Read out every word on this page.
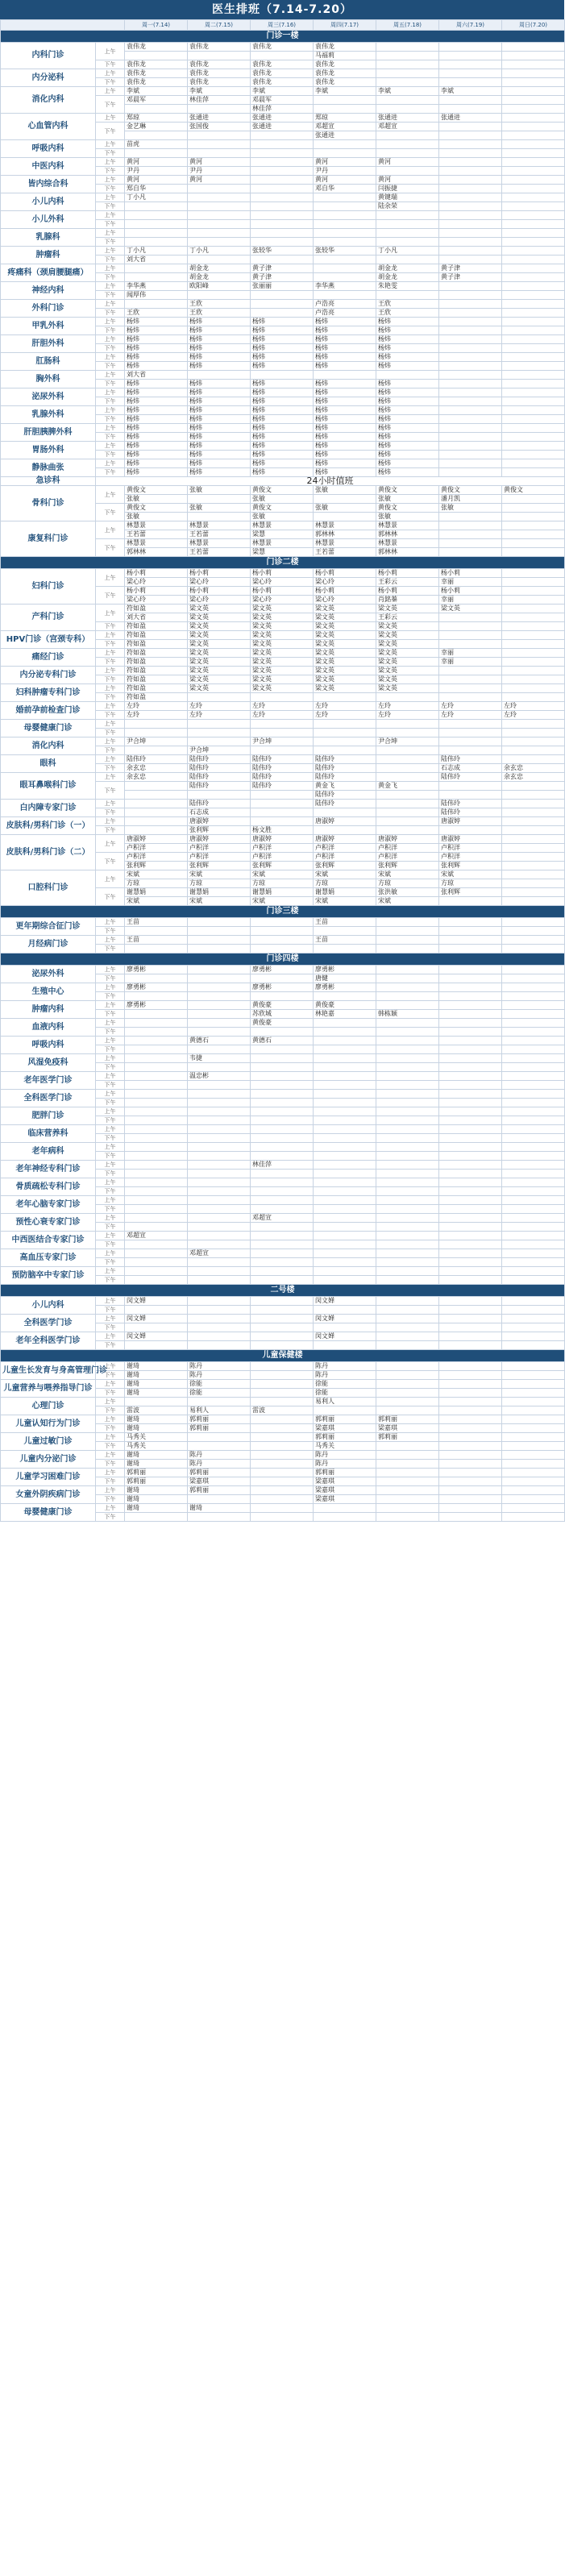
医生排班（7.14-7.20）
		周一(7.14)	周二(7.15)	周三(7.16)	周四(7.17)	周五(7.18)	周六(7.19)	周日(7.20)
门诊一楼								
内科门诊	上午	袁伟龙	袁伟龙	袁伟龙	袁伟龙			
					马福莉			
	下午	袁伟龙	袁伟龙	袁伟龙	袁伟龙			
内分泌科	上午	袁伟龙	袁伟龙	袁伟龙	袁伟龙			
	下午	袁伟龙	袁伟龙	袁伟龙	袁伟龙			
消化内科	上午	李斌	李斌	李斌	李斌	李斌	李斌	
	下午	邓晨军	林佳萍	邓晨军				
				林佳萍				
心血管内科	上午	郑琼	张通进	张通进	郑琼	张通进	张通进	
	下午	金艺琳	张国俊	张通进	邓超宣	邓超宣		
					张通进			
呼吸内科	上午	苗虎						
	下午							
中医内科	上午	黄河	黄河		黄河	黄河		
	下午	尹丹	尹丹		尹丹			
皆内综合科	上午	黄河	黄河		黄河	黄河		
	下午	郑自华			邓自华	闫振捷		
小儿内科	上午	丁小凡				黄键瑞		
	下午					陆余荣		
小儿外科	上午							
	下午							
乳腺科	上午							
	下午							
肿瘤科	上午	丁小凡	丁小凡	张较华	张较华	丁小凡		
	下午	刘大省						
疼痛科（颈肩腰腿痛）	上午		胡金龙	黄子津		胡金龙	黄子津	
	下午		胡金龙	黄子津		胡金龙	黄子津	
神经内科	上午	李华燕	欧阳峰	张丽丽	李华燕	朱艳雯		
	下午	闻厚伟						
外科门诊	上午		王欣		卢浩亮	王欣		
	下午	王欣	王欣		卢浩亮	王欣		
甲乳外科	上午	杨炜	杨炜	杨炜	杨炜	杨炜		
	下午	杨炜	杨炜	杨炜	杨炜	杨炜		
肝胆外科	上午	杨炜	杨炜	杨炜	杨炜	杨炜		
	下午	杨炜	杨炜	杨炜	杨炜	杨炜		
肛肠科	上午	杨炜	杨炜	杨炜	杨炜	杨炜		
	下午	杨炜	杨炜	杨炜	杨炜	杨炜		
胸外科	上午	刘大省						
	下午	杨炜	杨炜	杨炜	杨炜	杨炜		
泌尿外科	上午	杨炜	杨炜	杨炜	杨炜	杨炜		
	下午	杨炜	杨炜	杨炜	杨炜	杨炜		
乳腺外科	上午	杨炜	杨炜	杨炜	杨炜	杨炜		
	下午	杨炜	杨炜	杨炜	杨炜	杨炜		
肝胆胰脾外科	上午	杨炜	杨炜	杨炜	杨炜	杨炜		
	下午	杨炜	杨炜	杨炜	杨炜	杨炜		
胃肠外科	上午	杨炜	杨炜	杨炜	杨炜	杨炜		
	下午	杨炜	杨炜	杨炜	杨炜	杨炜		
静脉曲张	上午	杨炜	杨炜	杨炜	杨炜	杨炜		
	下午	杨炜	杨炜	杨炜	杨炜	杨炜		
急诊科	24小时值班							
骨科门诊	上午	黄俊文	张敏	黄俊文	张敏	黄俊文	黄俊文	黄俊文
		张敏		张敏		张敏	潘月凯	
	下午	黄俊文	张敏	黄俊文	张敏	黄俊文	张敏	
		张敏		张敏		张敏		
康复科门诊	上午	林慧景	林慧景	林慧景	林慧景	林慧景		
		王若蕾	王若蕾	梁慧	郭林林	郭林林		
	下午	林慧景	林慧景	林慧景	林慧景	林慧景		
		郭林林	王若蕾	梁慧	王若蕾	郭林林		
门诊二楼								
妇科门诊	上午	杨小莉	杨小莉	杨小莉	杨小莉	杨小莉	杨小莉	
		梁心玲	梁心玲	梁心玲	梁心玲	王彩云	幸丽	
	下午	杨小莉	杨小莉	杨小莉	杨小莉	杨小莉	杨小莉	
		梁心玲	梁心玲	梁心玲	梁心玲	肖銘蓁	幸丽	
产科门诊	上午	符如盈	梁文英	梁文英	梁文英	梁文英	梁文英	
		刘大省	梁文英	梁文英	梁文英	王彩云		
	下午	符如盈	梁文英	梁文英	梁文英	梁文英		
HPV门诊（宫颈专科）	上午	符如盈	梁文英	梁文英	梁文英	梁文英		
	下午	符如盈	梁文英	梁文英	梁文英	梁文英		
痛经门诊	上午	符如盈	梁文英	梁文英	梁文英	梁文英	幸丽	
	下午	符如盈	梁文英	梁文英	梁文英	梁文英	幸丽	
内分泌专科门诊	上午	符如盈	梁文英	梁文英	梁文英	梁文英		
	下午	符如盈	梁文英	梁文英	梁文英	梁文英		
妇科肿瘤专科门诊	上午	符如盈	梁文英	梁文英	梁文英	梁文英		
	下午	符如盈						
婚前孕前检查门诊	上午	左玲	左玲	左玲	左玲	左玲	左玲	左玲
	下午	左玲	左玲	左玲	左玲	左玲	左玲	左玲
母婴健康门诊	上午							
	下午							
消化内科	上午	尹合坤		尹合坤		尹合坤		
	下午		尹合坤					
眼科	上午	陆伟玲	陆伟玲	陆伟玲	陆伟玲		陆伟玲	
	下午	余玄忠	陆伟玲	陆伟玲	陆伟玲		石志成	余玄忠
眼耳鼻喉科门诊	上午	余玄忠	陆伟玲	陆伟玲	陆伟玲		陆伟玲	余玄忠
	下午		陆伟玲	陆伟玲	黄金飞	黄金飞		
					陆伟玲			
白内障专家门诊	上午		陆伟玲		陆伟玲		陆伟玲	
	下午		石志成				陆伟玲	
皮肤科/男科门诊（一）	上午		唐淑婷		唐淑婷		唐淑婷	
	下午		张利辉	杨文胜				
皮肤科/男科门诊（二）	上午	唐淑婷	唐淑婷	唐淑婷	唐淑婷	唐淑婷	唐淑婷	
		卢积洋	卢积洋	卢积洋	卢积洋	卢积洋	卢积洋	
	下午	卢积洋	卢积洋	卢积洋	卢积洋	卢积洋	卢积洋	
		张利辉	张利辉	张利辉	张利辉	张利辉	张利辉	
口腔科门诊	上午	宋斌	宋斌	宋斌	宋斌	宋斌	宋斌	
		方琼	方琼	方琼	方琼	方琼	方琼	
	下午	谢慧娟	谢慧娟	谢慧娟	谢慧娟	张洪敏	张利辉	
		宋斌	宋斌	宋斌	宋斌	宋斌		
门诊三楼								
更年期综合征门诊	上午	王苗			王苗			
	下午							
月经病门诊	上午	王苗			王苗			
	下午							
门诊四楼								
泌尿外科	上午	廖勇彬		廖勇彬	廖勇彬			
	下午				唐健			
生殖中心	上午	廖勇彬		廖勇彬	廖勇彬			
	下午							
肿瘤内科	上午	廖勇彬		黄俊豪	黄俊豪			
	下午			苏欣城	林艳嘉	韩栋颖		
血液内科	上午			黄俊豪				
	下午							
呼吸内科	上午		黄德石	黄德石				
	下午							
风湿免疫科	上午		韦捷					
	下午							
老年医学门诊	上午		温忠彬					
	下午							
全科医学门诊	上午							
	下午							
肥胖门诊	上午							
	下午							
临床营养科	上午							
	下午							
老年病科	上午							
	下午							
老年神经专科门诊	上午			林佳萍				
	下午							
骨质疏松专科门诊	上午							
	下午							
老年心脑专家门诊	上午							
	下午							
预性心衰专家门诊	上午			邓超宣				
	下午							
中西医结合专家门诊	上午	邓超宣						
	下午							
高血压专家门诊	上午		邓超宣					
	下午							
预防脑卒中专家门诊	上午							
	下午							
二号楼								
小儿内科	上午	闵文婵			闵文婵			
	下午							
全科医学门诊	上午	闵文婵			闵文婵			
	下午							
老年全科医学门诊	上午	闵文婵			闵文婵			
	下午							
儿童保健楼								
儿童生长发育与身高管理门诊	上午	谢琦	陈丹		陈丹			
	下午	谢琦	陈丹		陈丹			
儿童营养与喂养指导门诊	上午	谢琦	徐能		徐能			
	下午	谢琦	徐能		徐能			
心理门诊	上午				易利人			
	下午	雷波	易利人	雷波				
儿童认知行为门诊	上午	谢琦	郭莉丽		郭莉丽	郭莉丽		
	下午	谢琦	郭莉丽		梁嘉琪	梁嘉琪		
儿童过敏门诊	上午	马秀关			郭莉丽	郭莉丽		
	下午	马秀关			马秀关			
儿童内分泌门诊	上午	谢琦	陈丹		陈丹			
	下午	谢琦	陈丹		陈丹			
儿童学习困难门诊	上午	郭莉丽	郭莉丽		郭莉丽			
	下午	郭莉丽	梁嘉琪		梁嘉琪			
女童外阴疾病门诊	上午	谢琦	郭莉丽		梁嘉琪			
	下午	谢琦			梁嘉琪			
母婴健康门诊	上午	谢琦	谢琦					
	下午							
